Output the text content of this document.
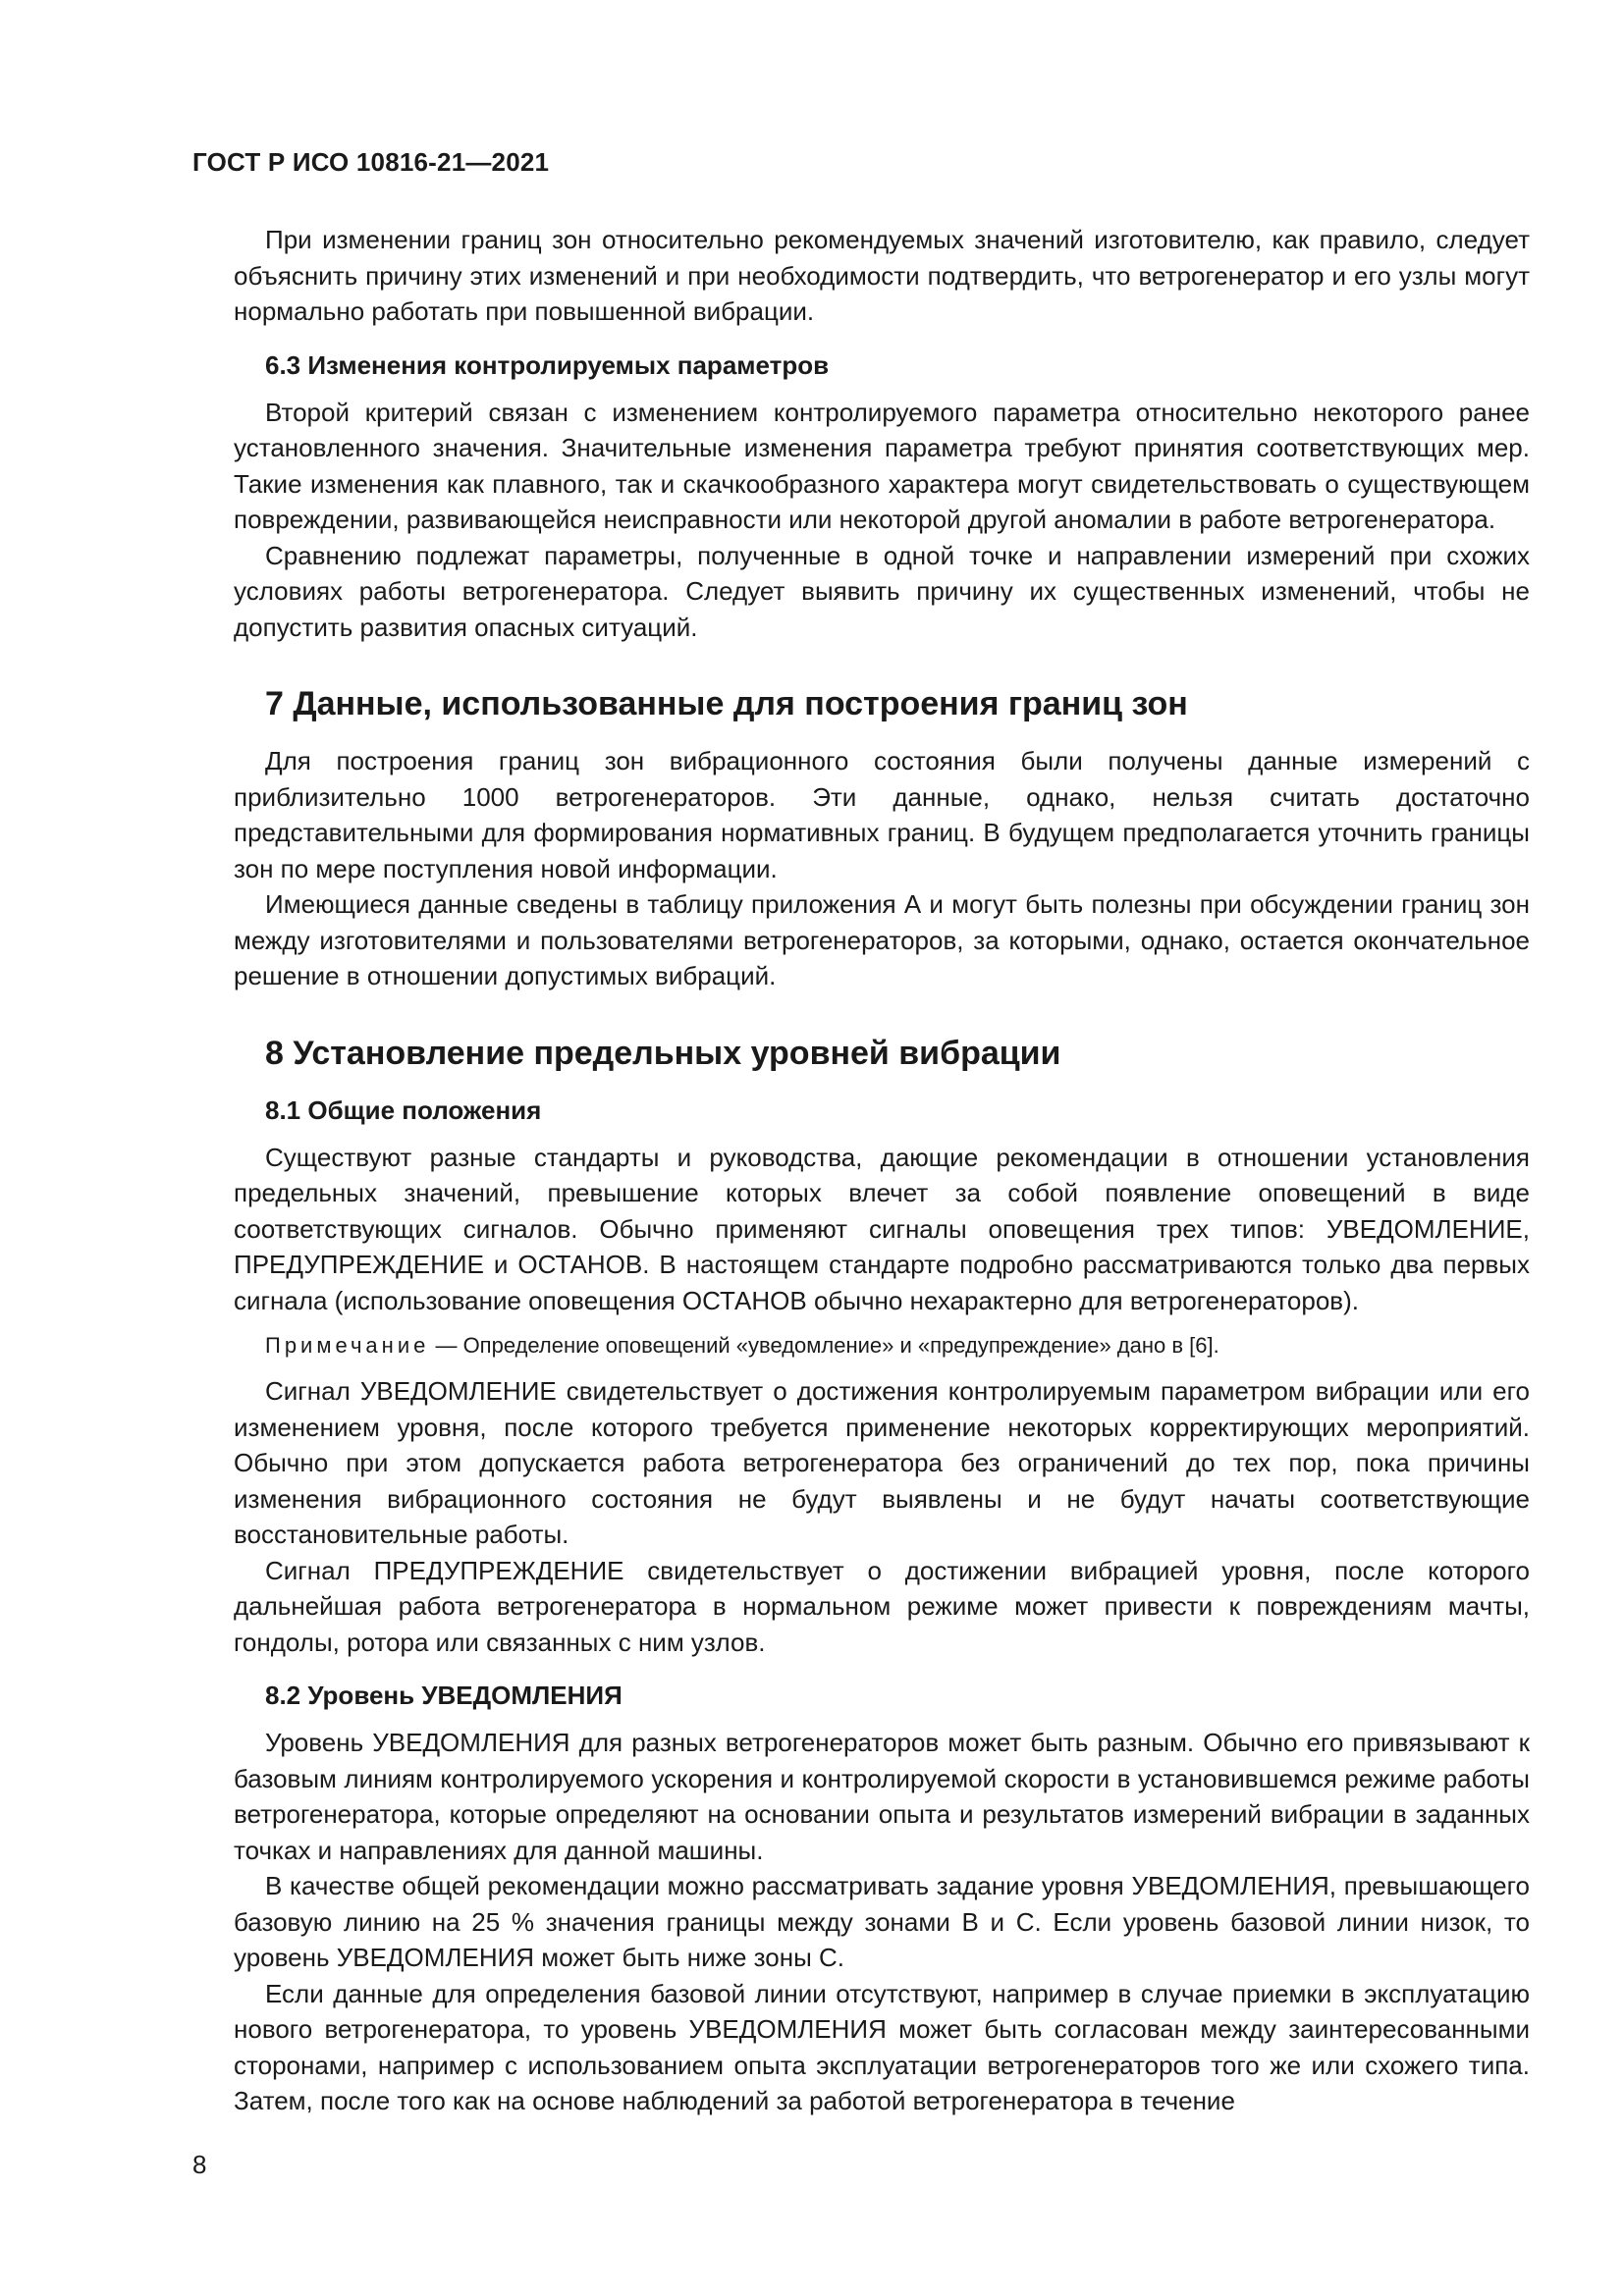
ГОСТ Р ИСО 10816-21—2021

При изменении границ зон относительно рекомендуемых значений изготовителю, как правило, следует объяснить причину этих изменений и при необходимости подтвердить, что ветрогенератор и его узлы могут нормально работать при повышенной вибрации.

6.3 Изменения контролируемых параметров

Второй критерий связан с изменением контролируемого параметра относительно некоторого ранее установленного значения. Значительные изменения параметра требуют принятия соответствующих мер. Такие изменения как плавного, так и скачкообразного характера могут свидетельствовать о существующем повреждении, развивающейся неисправности или некоторой другой аномалии в работе ветрогенератора.

Сравнению подлежат параметры, полученные в одной точке и направлении измерений при схожих условиях работы ветрогенератора. Следует выявить причину их существенных изменений, чтобы не допустить развития опасных ситуаций.

7 Данные, использованные для построения границ зон

Для построения границ зон вибрационного состояния были получены данные измерений с приблизительно 1000 ветрогенераторов. Эти данные, однако, нельзя считать достаточно представительными для формирования нормативных границ. В будущем предполагается уточнить границы зон по мере поступления новой информации.

Имеющиеся данные сведены в таблицу приложения А и могут быть полезны при обсуждении границ зон между изготовителями и пользователями ветрогенераторов, за которыми, однако, остается окончательное решение в отношении допустимых вибраций.

8 Установление предельных уровней вибрации
8.1 Общие положения

Существуют разные стандарты и руководства, дающие рекомендации в отношении установления предельных значений, превышение которых влечет за собой появление оповещений в виде соответствующих сигналов. Обычно применяют сигналы оповещения трех типов: УВЕДОМЛЕНИЕ, ПРЕДУПРЕЖДЕНИЕ и ОСТАНОВ. В настоящем стандарте подробно рассматриваются только два первых сигнала (использование оповещения ОСТАНОВ обычно нехарактерно для ветрогенераторов).

Примечание — Определение оповещений «уведомление» и «предупреждение» дано в [6].

Сигнал УВЕДОМЛЕНИЕ свидетельствует о достижения контролируемым параметром вибрации или его изменением уровня, после которого требуется применение некоторых корректирующих мероприятий. Обычно при этом допускается работа ветрогенератора без ограничений до тех пор, пока причины изменения вибрационного состояния не будут выявлены и не будут начаты соответствующие восстановительные работы.

Сигнал ПРЕДУПРЕЖДЕНИЕ свидетельствует о достижении вибрацией уровня, после которого дальнейшая работа ветрогенератора в нормальном режиме может привести к повреждениям мачты, гондолы, ротора или связанных с ним узлов.

8.2 Уровень УВЕДОМЛЕНИЯ

Уровень УВЕДОМЛЕНИЯ для разных ветрогенераторов может быть разным. Обычно его привязывают к базовым линиям контролируемого ускорения и контролируемой скорости в установившемся режиме работы ветрогенератора, которые определяют на основании опыта и результатов измерений вибрации в заданных точках и направлениях для данной машины.

В качестве общей рекомендации можно рассматривать задание уровня УВЕДОМЛЕНИЯ, превышающего базовую линию на 25 % значения границы между зонами В и С. Если уровень базовой линии низок, то уровень УВЕДОМЛЕНИЯ может быть ниже зоны С.

Если данные для определения базовой линии отсутствуют, например в случае приемки в эксплуатацию нового ветрогенератора, то уровень УВЕДОМЛЕНИЯ может быть согласован между заинтересованными сторонами, например с использованием опыта эксплуатации ветрогенераторов того же или схожего типа. Затем, после того как на основе наблюдений за работой ветрогенератора в течение

8
